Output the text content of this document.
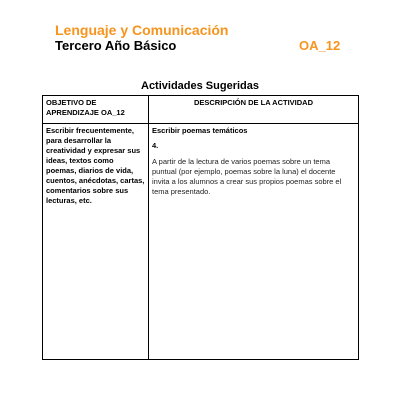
Lenguaje y Comunicación
Tercero Año Básico	OA_12
Actividades Sugeridas
OBJETIVO DE APRENDIZAJE OA_12	DESCRIPCIÓN DE LA ACTIVIDAD
Escribir frecuentemente, para desarrollar la creatividad y expresar sus ideas, textos como poemas, diarios de vida, cuentos, anécdotas, cartas, comentarios sobre sus lecturas, etc.	Escribir poemas temáticos
4.
A partir de la lectura de varios poemas sobre un tema puntual (por ejemplo, poemas sobre la luna) el docente invita a los alumnos a crear sus propios poemas sobre el tema presentado.
